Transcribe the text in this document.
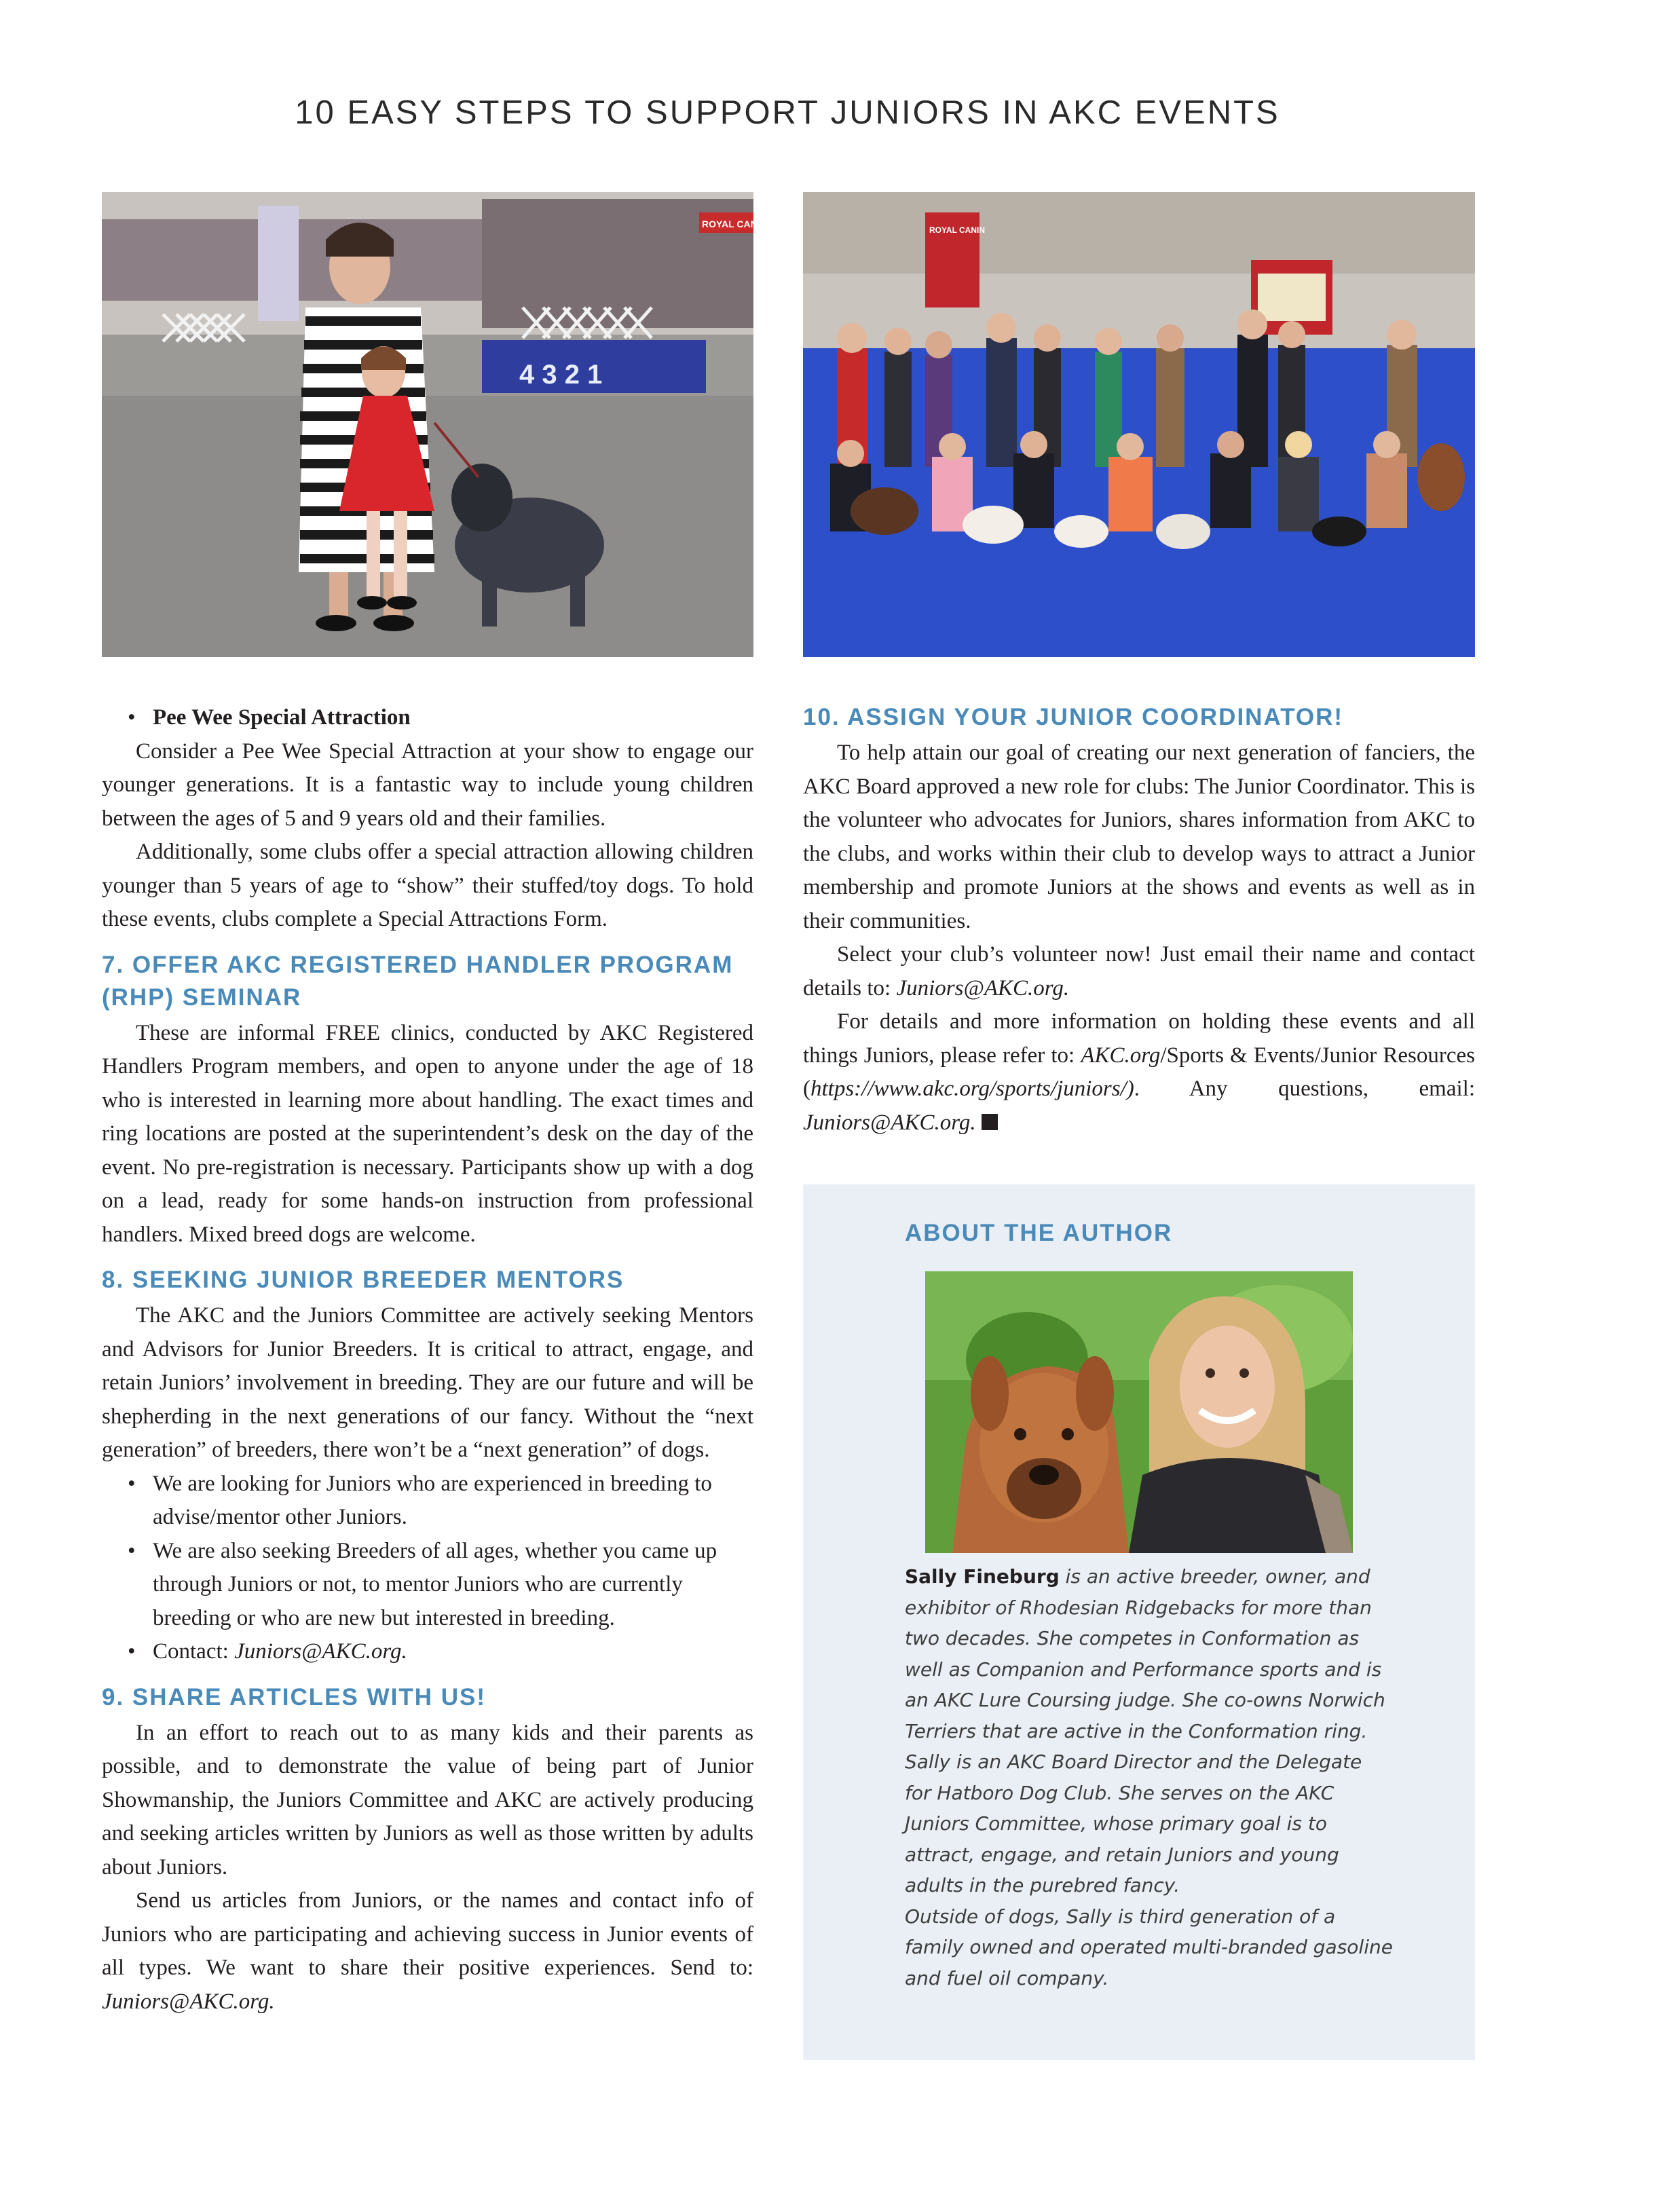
10 EASY STEPS TO SUPPORT JUNIORS IN AKC EVENTS
4 3 2 1
ROYAL CANIN
ROYAL CANIN
• Pee Wee Special Attraction

Consider a Pee Wee Special Attraction at your show to engage our younger generations. It is a fantastic way to include young children between the ages of 5 and 9 years old and their families.

Additionally, some clubs offer a special attraction allowing children younger than 5 years of age to “show” their stuffed/toy dogs. To hold these events, clubs complete a Special Attractions Form.

7. OFFER AKC REGISTERED HANDLER PROGRAM (RHP) SEMINAR

These are informal FREE clinics, conducted by AKC Registered Handlers Program members, and open to anyone under the age of 18 who is interested in learning more about handling. The exact times and ring locations are posted at the superintendent’s desk on the day of the event. No pre-registration is necessary. Participants show up with a dog on a lead, ready for some hands-on instruction from professional handlers. Mixed breed dogs are welcome.

8. SEEKING JUNIOR BREEDER MENTORS

The AKC and the Juniors Committee are actively seeking Mentors and Advisors for Junior Breeders. It is critical to attract, engage, and retain Juniors’ involvement in breeding. They are our future and will be shepherding in the next generations of our fancy. Without the “next generation” of breeders, there won’t be a “next generation” of dogs.

• We are looking for Juniors who are experienced in breeding to advise/mentor other Juniors.
• We are also seeking Breeders of all ages, whether you came up through Juniors or not, to mentor Juniors who are currently breeding or who are new but interested in breeding.
• Contact: Juniors@AKC.org.
9. SHARE ARTICLES WITH US!

In an effort to reach out to as many kids and their parents as possible, and to demonstrate the value of being part of Junior Showmanship, the Juniors Committee and AKC are actively producing and seeking articles written by Juniors as well as those written by adults about Juniors.

Send us articles from Juniors, or the names and contact info of Juniors who are participating and achieving success in Junior events of all types. We want to share their positive experiences. Send to: Juniors@AKC.org.

10. ASSIGN YOUR JUNIOR COORDINATOR!

To help attain our goal of creating our next generation of fanciers, the AKC Board approved a new role for clubs: The Junior Coordinator. This is the volunteer who advocates for Juniors, shares information from AKC to the clubs, and works within their club to develop ways to attract a Junior membership and promote Juniors at the shows and events as well as in their communities.

Select your club’s volunteer now! Just email their name and contact details to: Juniors@AKC.org.

For details and more information on holding these events and all things Juniors, please refer to: AKC.org/Sports & Events/Junior Resources (https://www.akc.org/sports/juniors/). Any questions, email: Juniors@AKC.org.

ABOUT THE AUTHOR

Sally Fineburg is an active breeder, owner, and exhibitor of Rhodesian Ridgebacks for more than two decades. She competes in Conformation as well as Companion and Performance sports and is an AKC Lure Coursing judge. She co-owns Norwich Terriers that are active in the Conformation ring.

Sally is an AKC Board Director and the Delegate for Hatboro Dog Club. She serves on the AKC Juniors Committee, whose primary goal is to attract, engage, and retain Juniors and young adults in the purebred fancy.

Outside of dogs, Sally is third generation of a family owned and operated multi-branded gasoline and fuel oil company.
